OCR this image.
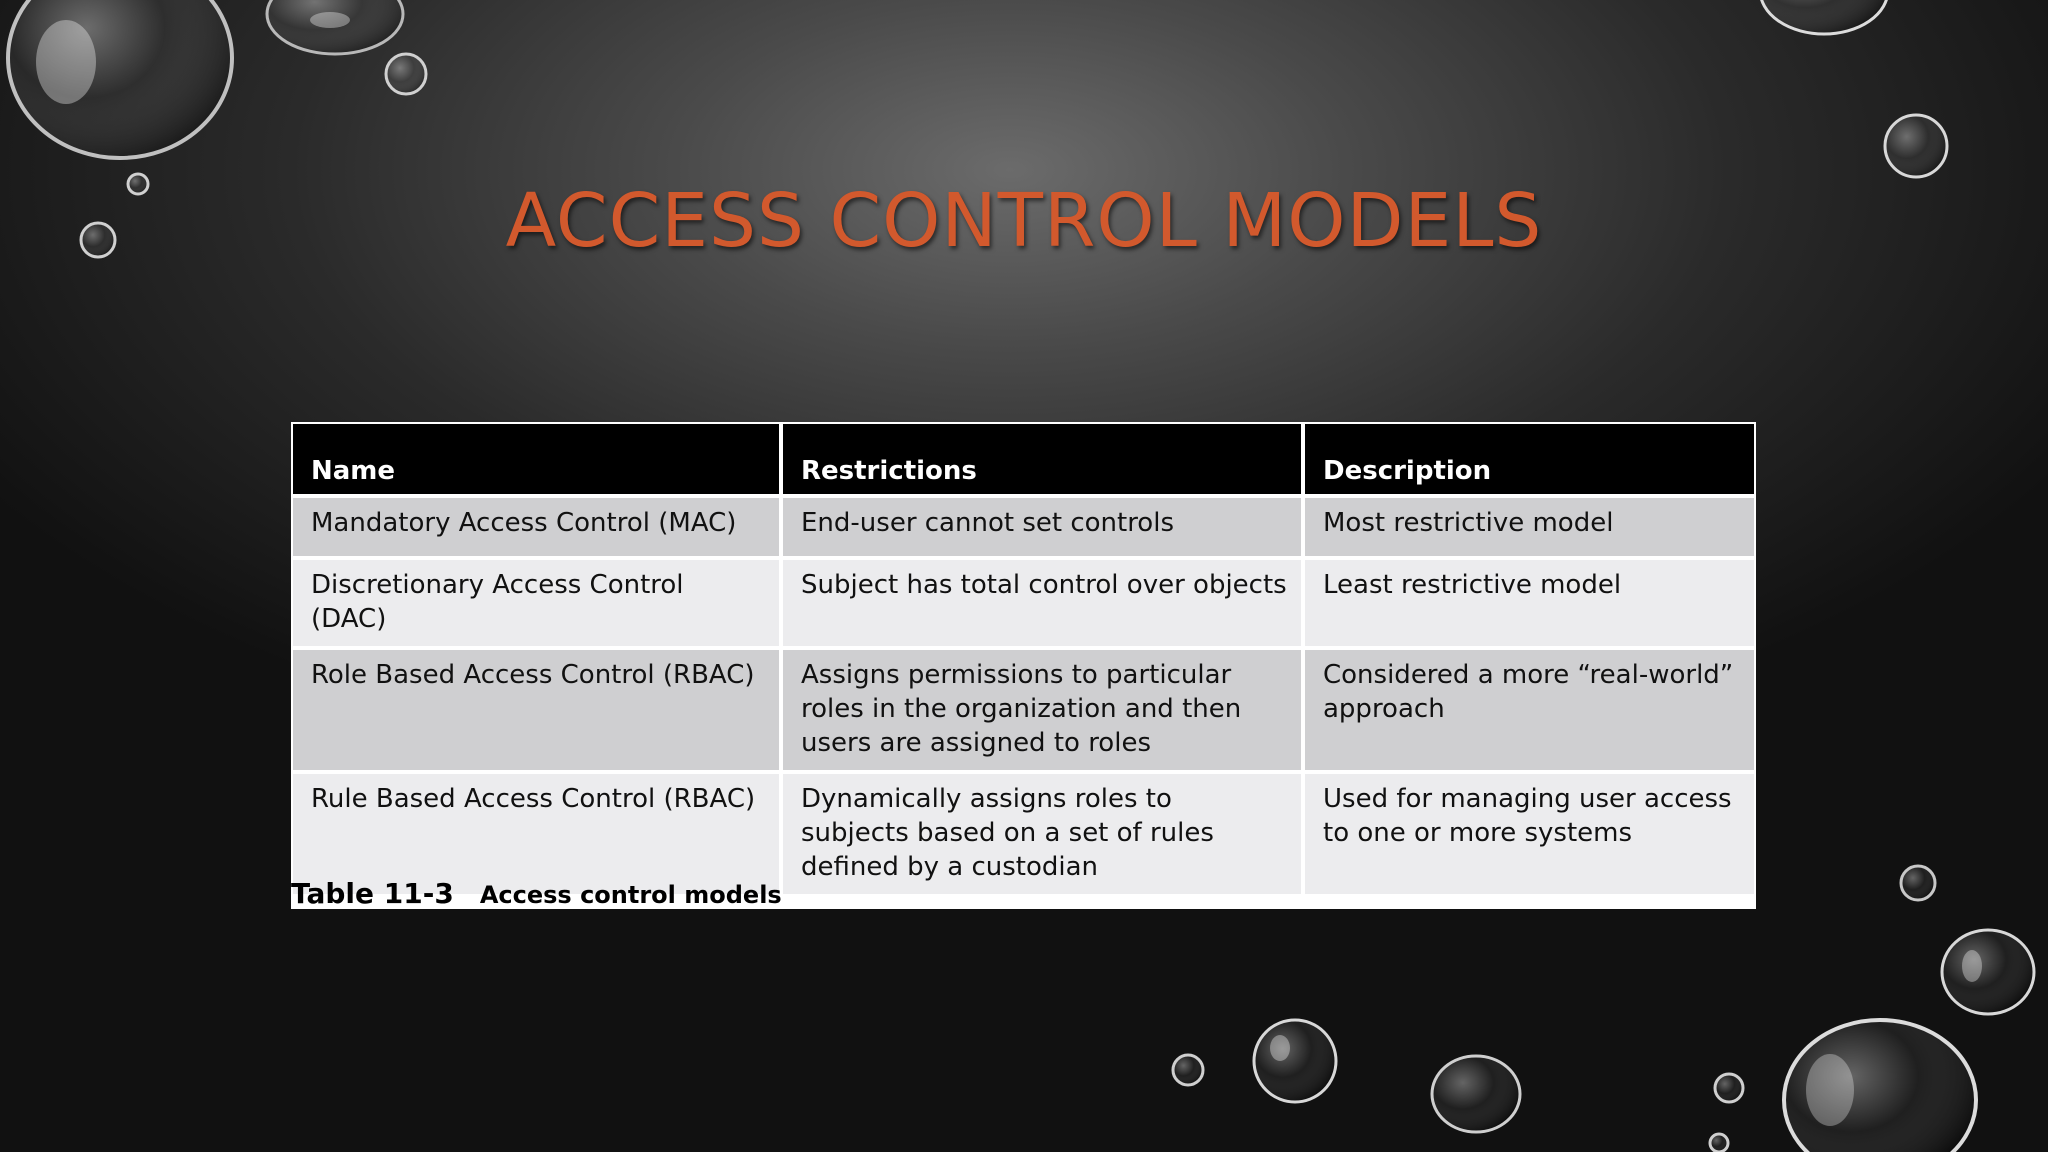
ACCESS CONTROL MODELS
Name	Restrictions	Description
Mandatory Access Control (MAC)	End-user cannot set controls	Most restrictive model
Discretionary Access Control (DAC)	Subject has total control over objects	Least restrictive model
Role Based Access Control (RBAC)	Assigns permissions to particular roles in the organization and then users are assigned to roles	Considered a more “real-world” approach
Rule Based Access Control (RBAC)	Dynamically assigns roles to subjects based on a set of rules defined by a custodian	Used for managing user access to one or more systems
Table 11-3 Access control models
